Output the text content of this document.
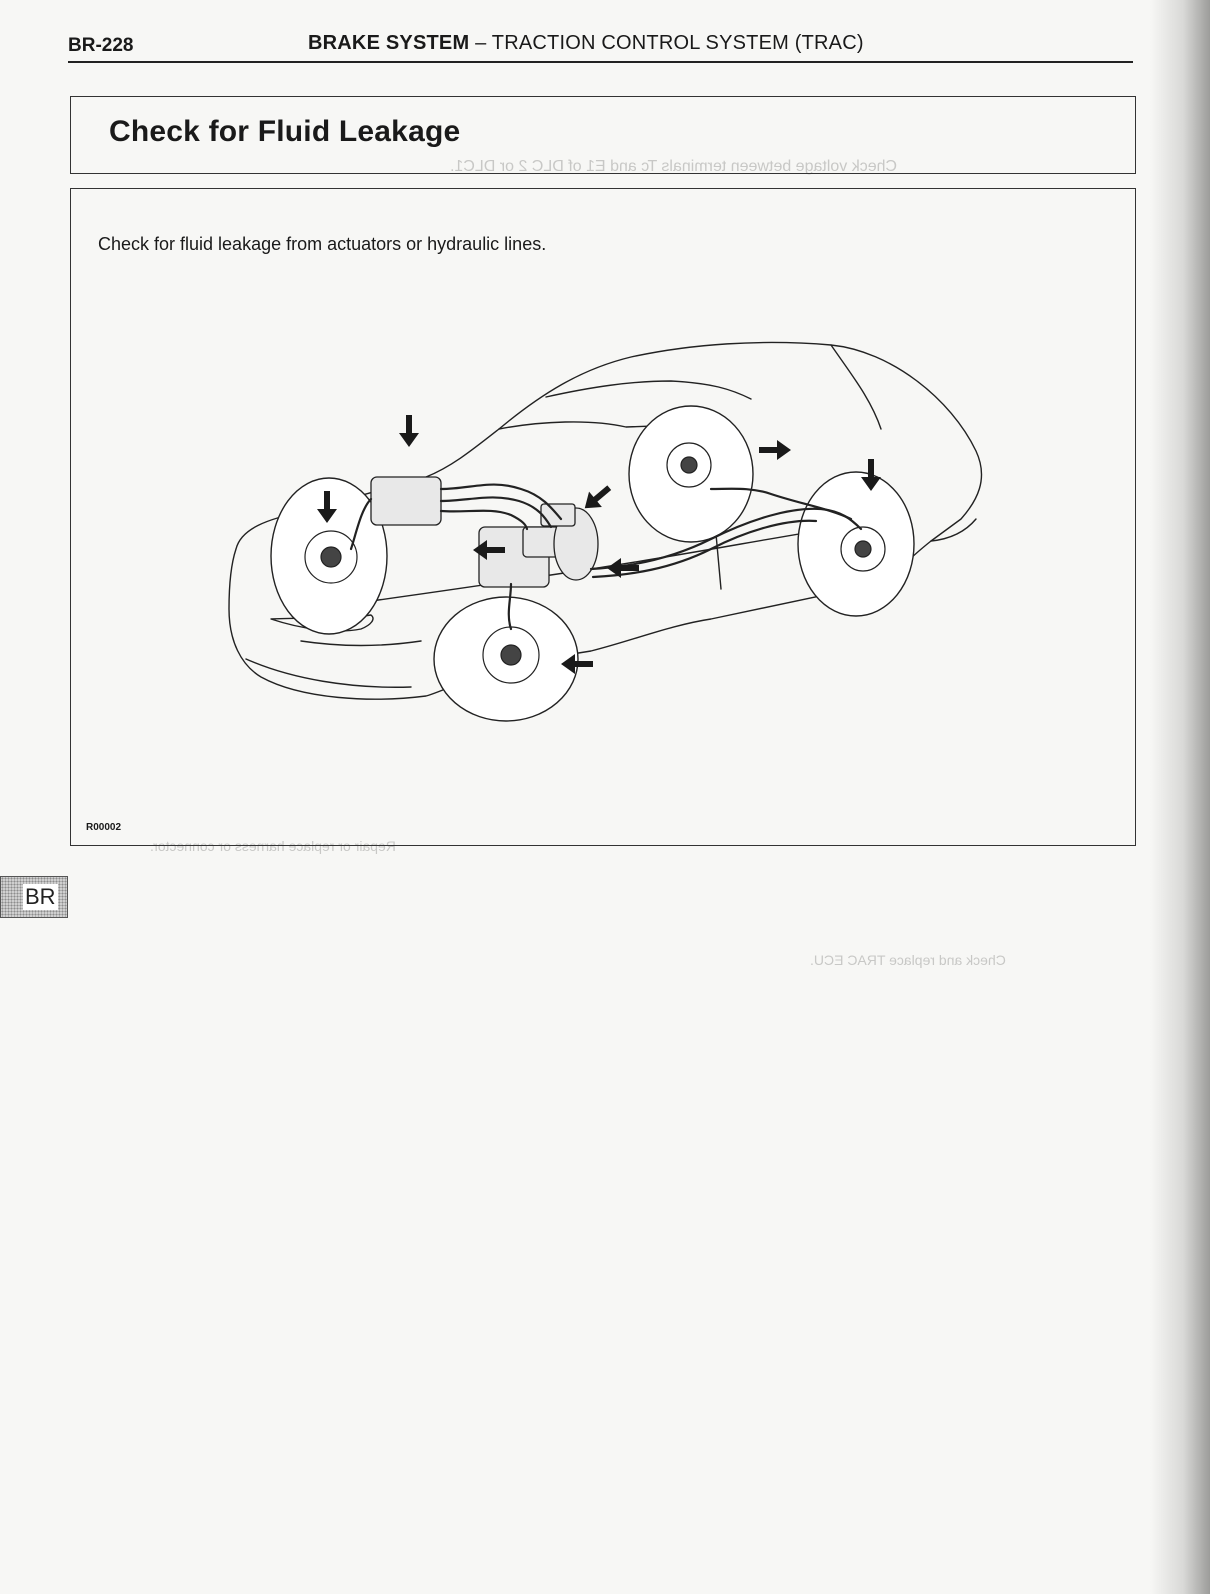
Check voltage between terminals Tc and E1 of DLC 2 or DLC1.
Check and replace TRAC ECU.
Repair or replace harness or connector.
BR-228	BRAKE SYSTEM – TRACTION CONTROL SYSTEM (TRAC)
Check for Fluid Leakage
Check for fluid leakage from actuators or hydraulic lines.
R00002
BR
